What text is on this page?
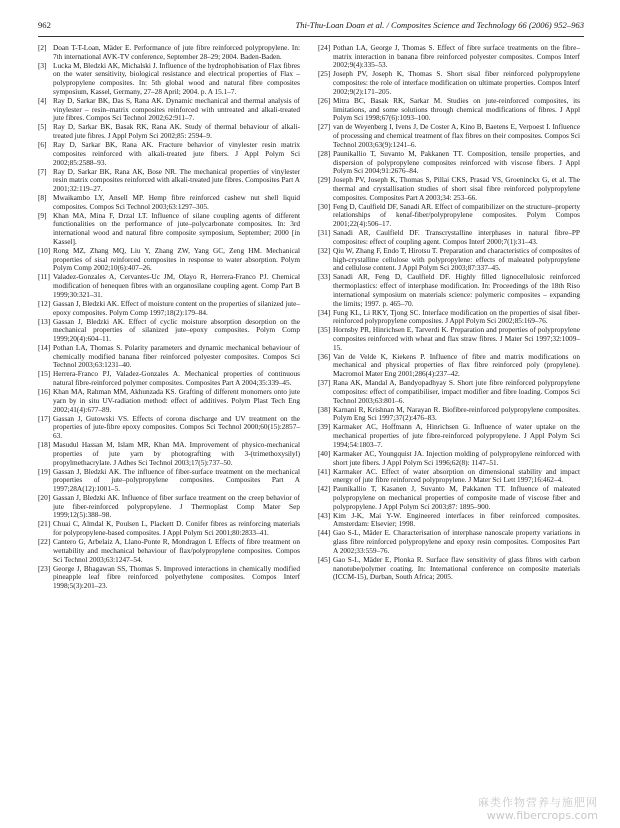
962	Thi-Thu-Loan Doan et al. / Composites Science and Technology 66 (2006) 952–963
[2] Doan T-T-Loan, Mäder E. Performance of jute fibre reinforced polypropylene. In: 7th international AVK-TV conference, September 28–29; 2004. Baden-Baden.
[3] Lucka M, Bledzki AK, Michalski J. Influence of the hydrophobisation of Flax fibres on the water sensitivity, biological resistance and electrical properties of Flax – polypropylene composites. In: 5th global wood and natural fibre composites symposium, Kassel, Germany, 27–28 April; 2004. p. A 15.1–7.
[4] Ray D, Sarkar BK, Das S, Rana AK. Dynamic mechanical and thermal analysis of vinylester – resin–matrix composites reinforced with untreated and alkali-treated jute fibres. Compos Sci Technol 2002;62:911–7.
[5] Ray D, Sarkar BK, Basak RK, Rana AK. Study of thermal behaviour of alkali-treated jute fibres. J Appl Polym Sci 2002;85: 2594–9.
[6] Ray D, Sarkar BK, Rana AK. Fracture behavior of vinylester resin matrix composites reinforced with alkali-treated jute fibers. J Appl Polym Sci 2002;85:2588–93.
[7] Ray D, Sarkar BK, Rana AK, Bose NR. The mechanical properties of vinylester resin matrix composites reinforced with alkali-treated jute fibres. Composites Part A 2001;32:119–27.
[8] Mwaikambo LY, Ansell MP. Hemp fibre reinforced cashew nut shell liquid composites. Compos Sci Technol 2003;63:1297–305.
[9] Khan MA, Mina F, Drzal LT. Influence of silane coupling agents of different functionalities on the performance of jute–polycarbonate composites. In: 3rd international wood and natural fibre composite symposium, September; 2000 [in Kassel].
[10] Rong MZ, Zhang MQ, Liu Y, Zhang ZW, Yang GC, Zeng HM. Mechanical properties of sisal reinforced composites in response to water absorption. Polym Polym Comp 2002;10(6):407–26.
[11] Valadez-Gonzales A, Cervantes-Uc JM, Olayo R, Herrera-Franco PJ. Chemical modification of henequen fibres with an organosilane coupling agent. Comp Part B 1999;30:321–31.
[12] Gassan J, Bledzki AK. Effect of moisture content on the properties of silanized jute–epoxy composites. Polym Comp 1997;18(2):179–84.
[13] Gassan J, Bledzki AK. Effect of cyclic moisture absorption desorption on the mechanical properties of silanized jute–epoxy composites. Polym Comp 1999;20(4):604–11.
[14] Pothan LA, Thomas S. Polarity parameters and dynamic mechanical behaviour of chemically modified banana fiber reinforced polyester composites. Compos Sci Technol 2003;63:1231–40.
[15] Herrera-Franco PJ, Valadez-Gonzales A. Mechanical properties of continuous natural fibre-reinforced polymer composites. Composites Part A 2004;35:339–45.
[16] Khan MA, Rahman MM, Akhunzada KS. Grafting of different monomers onto jute yarn by in situ UV-radiation method: effect of additives. Polym Plast Tech Eng 2002;41(4):677–89.
[17] Gassan J, Gutowski VS. Effects of corona discharge and UV treatment on the properties of jute-fibre epoxy composites. Compos Sci Technol 2000;60(15):2857–63.
[18] Masudul Hassan M, Islam MR, Khan MA. Improvement of physico-mechanical properties of jute yarn by photografting with 3-(trimethoxysilyl) propylmethacrylate. J Adhes Sci Technol 2003;17(5):737–50.
[19] Gassan J, Bledzki AK. The influence of fiber-surface treatment on the mechanical properties of jute–polypropylene composites. Composites Part A 1997;28A(12):1001–5.
[20] Gassan J, Bledzki AK. Influence of fiber surface treatment on the creep behavior of jute fiber-reinforced polypropylene. J Thermoplast Comp Mater Sep 1999;12(5):388–98.
[21] Chuai C, Almdal K, Poulsen L, Plackett D. Conifer fibres as reinforcing materials for polypropylene-based composites. J Appl Polym Sci 2001;80:2833–41.
[22] Cantero G, Arbelaiz A, Llano-Ponte R, Mondragon I. Effects of fibre treatment on wettability and mechanical behaviour of flax/polypropylene composites. Compos Sci Technol 2003;63:1247–54.
[23] George J, Bhagawan SS, Thomas S. Improved interactions in chemically modified pineapple leaf fibre reinforced polyethylene composites. Compos Interf 1998;5(3):201–23.
[24] Pothan LA, George J, Thomas S. Effect of fibre surface treatments on the fibre–matrix interaction in banana fibre reinforced polyester composites. Compos Interf 2002;9(4):335–53.
[25] Joseph PV, Joseph K, Thomas S. Short sisal fiber reinforced polypropylene composites: the role of interface modification on ultimate properties. Compos Interf 2002;9(2):171–205.
[26] Mitra BC, Basak RK, Sarkar M. Studies on jute-reinforced composites, its limitations, and some solutions through chemical modifications of fibres. J Appl Polym Sci 1998;67(6):1093–100.
[27] van de Weyenberg I, Ivens J, De Coster A, Kino B, Baetens E, Verpoest I. Influence of processing and chemical treatment of flax fibres on their composites. Compos Sci Technol 2003;63(9):1241–6.
[28] Paunikallio T, Suvanto M, Pakkanen TT. Composition, tensile properties, and dispersion of polypropylene composites reinforced with viscose fibers. J Appl Polym Sci 2004;91:2676–84.
[29] Joseph PV, Joseph K, Thomas S, Pillai CKS, Prasad VS, Groeninckx G, et al. The thermal and crystallisation studies of short sisal fibre reinforced polypropylene composites. Composites Part A 2003;34: 253–66.
[30] Feng D, Caulfield DF, Sanadi AR. Effect of compatibilizer on the structure–property relationships of kenaf-fiber/polypropylene composites. Polym Compos 2001;22(4):506–17.
[31] Sanadi AR, Caulfield DF. Transcrystalline interphases in natural fibre–PP composites: effect of coupling agent. Compos Interf 2000;7(1):31–43.
[32] Qiu W, Zhang F, Endo T, Hirotsu T. Preparation and characteristics of composites of high-crystalline cellulose with polypropylene: effects of maleated polypropylene and cellulose content. J Appl Polym Sci 2003;87:337–45.
[33] Sanadi AR, Feng D, Caulfield DF. Highly filled lignocellulosic reinforced thermoplastics: effect of interphase modification. In: Proceedings of the 18th Riso international symposium on materials science: polymeric composites – expanding the limits; 1997. p. 465–70.
[34] Fung KL, Li RKY, Tjong SC. Interface modification on the properties of sisal fiber-reinforced polypropylene composites. J Appl Polym Sci 2002;85:169–76.
[35] Hornsby PR, Hinrichsen E, Tarverdi K. Preparation and properties of polypropylene composites reinforced with wheat and flax straw fibres. J Mater Sci 1997;32:1009–15.
[36] Van de Velde K, Kiekens P. Influence of fibre and matrix modifications on mechanical and physical properties of flax fibre reinforced poly (propylene). Macromol Mater Eng 2001;286(4):237–42.
[37] Rana AK, Mandal A, Bandyopadhyay S. Short jute fibre reinforced polypropylene composites: effect of compatibiliser, impact modifier and fibre loading. Compos Sci Technol 2003;63:801–6.
[38] Karnani R, Krishnan M, Narayan R. Biofibre-reinforced polypropylene composites. Polym Eng Sci 1997;37(2):476–83.
[39] Karmaker AC, Hoffmann A, Hinrichsen G. Influence of water uptake on the mechanical properties of jute fibre-reinforced polypropylene. J Appl Polym Sci 1994;54:1803–7.
[40] Karmaker AC, Youngquist JA. Injection molding of polypropylene reinforced with short jute fibers. J Appl Polym Sci 1996;62(8): 1147–51.
[41] Karmaker AC. Effect of water absorption on dimensional stability and impact energy of jute fibre reinforced polypropylene. J Mater Sci Lett 1997;16:462–4.
[42] Paunikallio T, Kasanen J, Suvanto M, Pakkanen TT. Influence of maleated polypropylene on mechanical properties of composite made of viscose fiber and polypropylene. J Appl Polym Sci 2003;87: 1895–900.
[43] Kim J-K, Mai Y-W. Engineered interfaces in fiber reinforced composites. Amsterdam: Elsevier; 1998.
[44] Gao S-L, Mäder E. Characterisation of interphase nanoscale property variations in glass fibre reinforced polypropylene and epoxy resin composites. Composites Part A 2002;33:559–76.
[45] Gao S-L, Mäder E, Plonka R. Surface flaw sensitivity of glass fibres with carbon nanotube/polymer coating. In: International conference on composite materials (ICCM-15), Durban, South Africa; 2005.
麻类作物营养与施肥网
www.fibercrops.com
